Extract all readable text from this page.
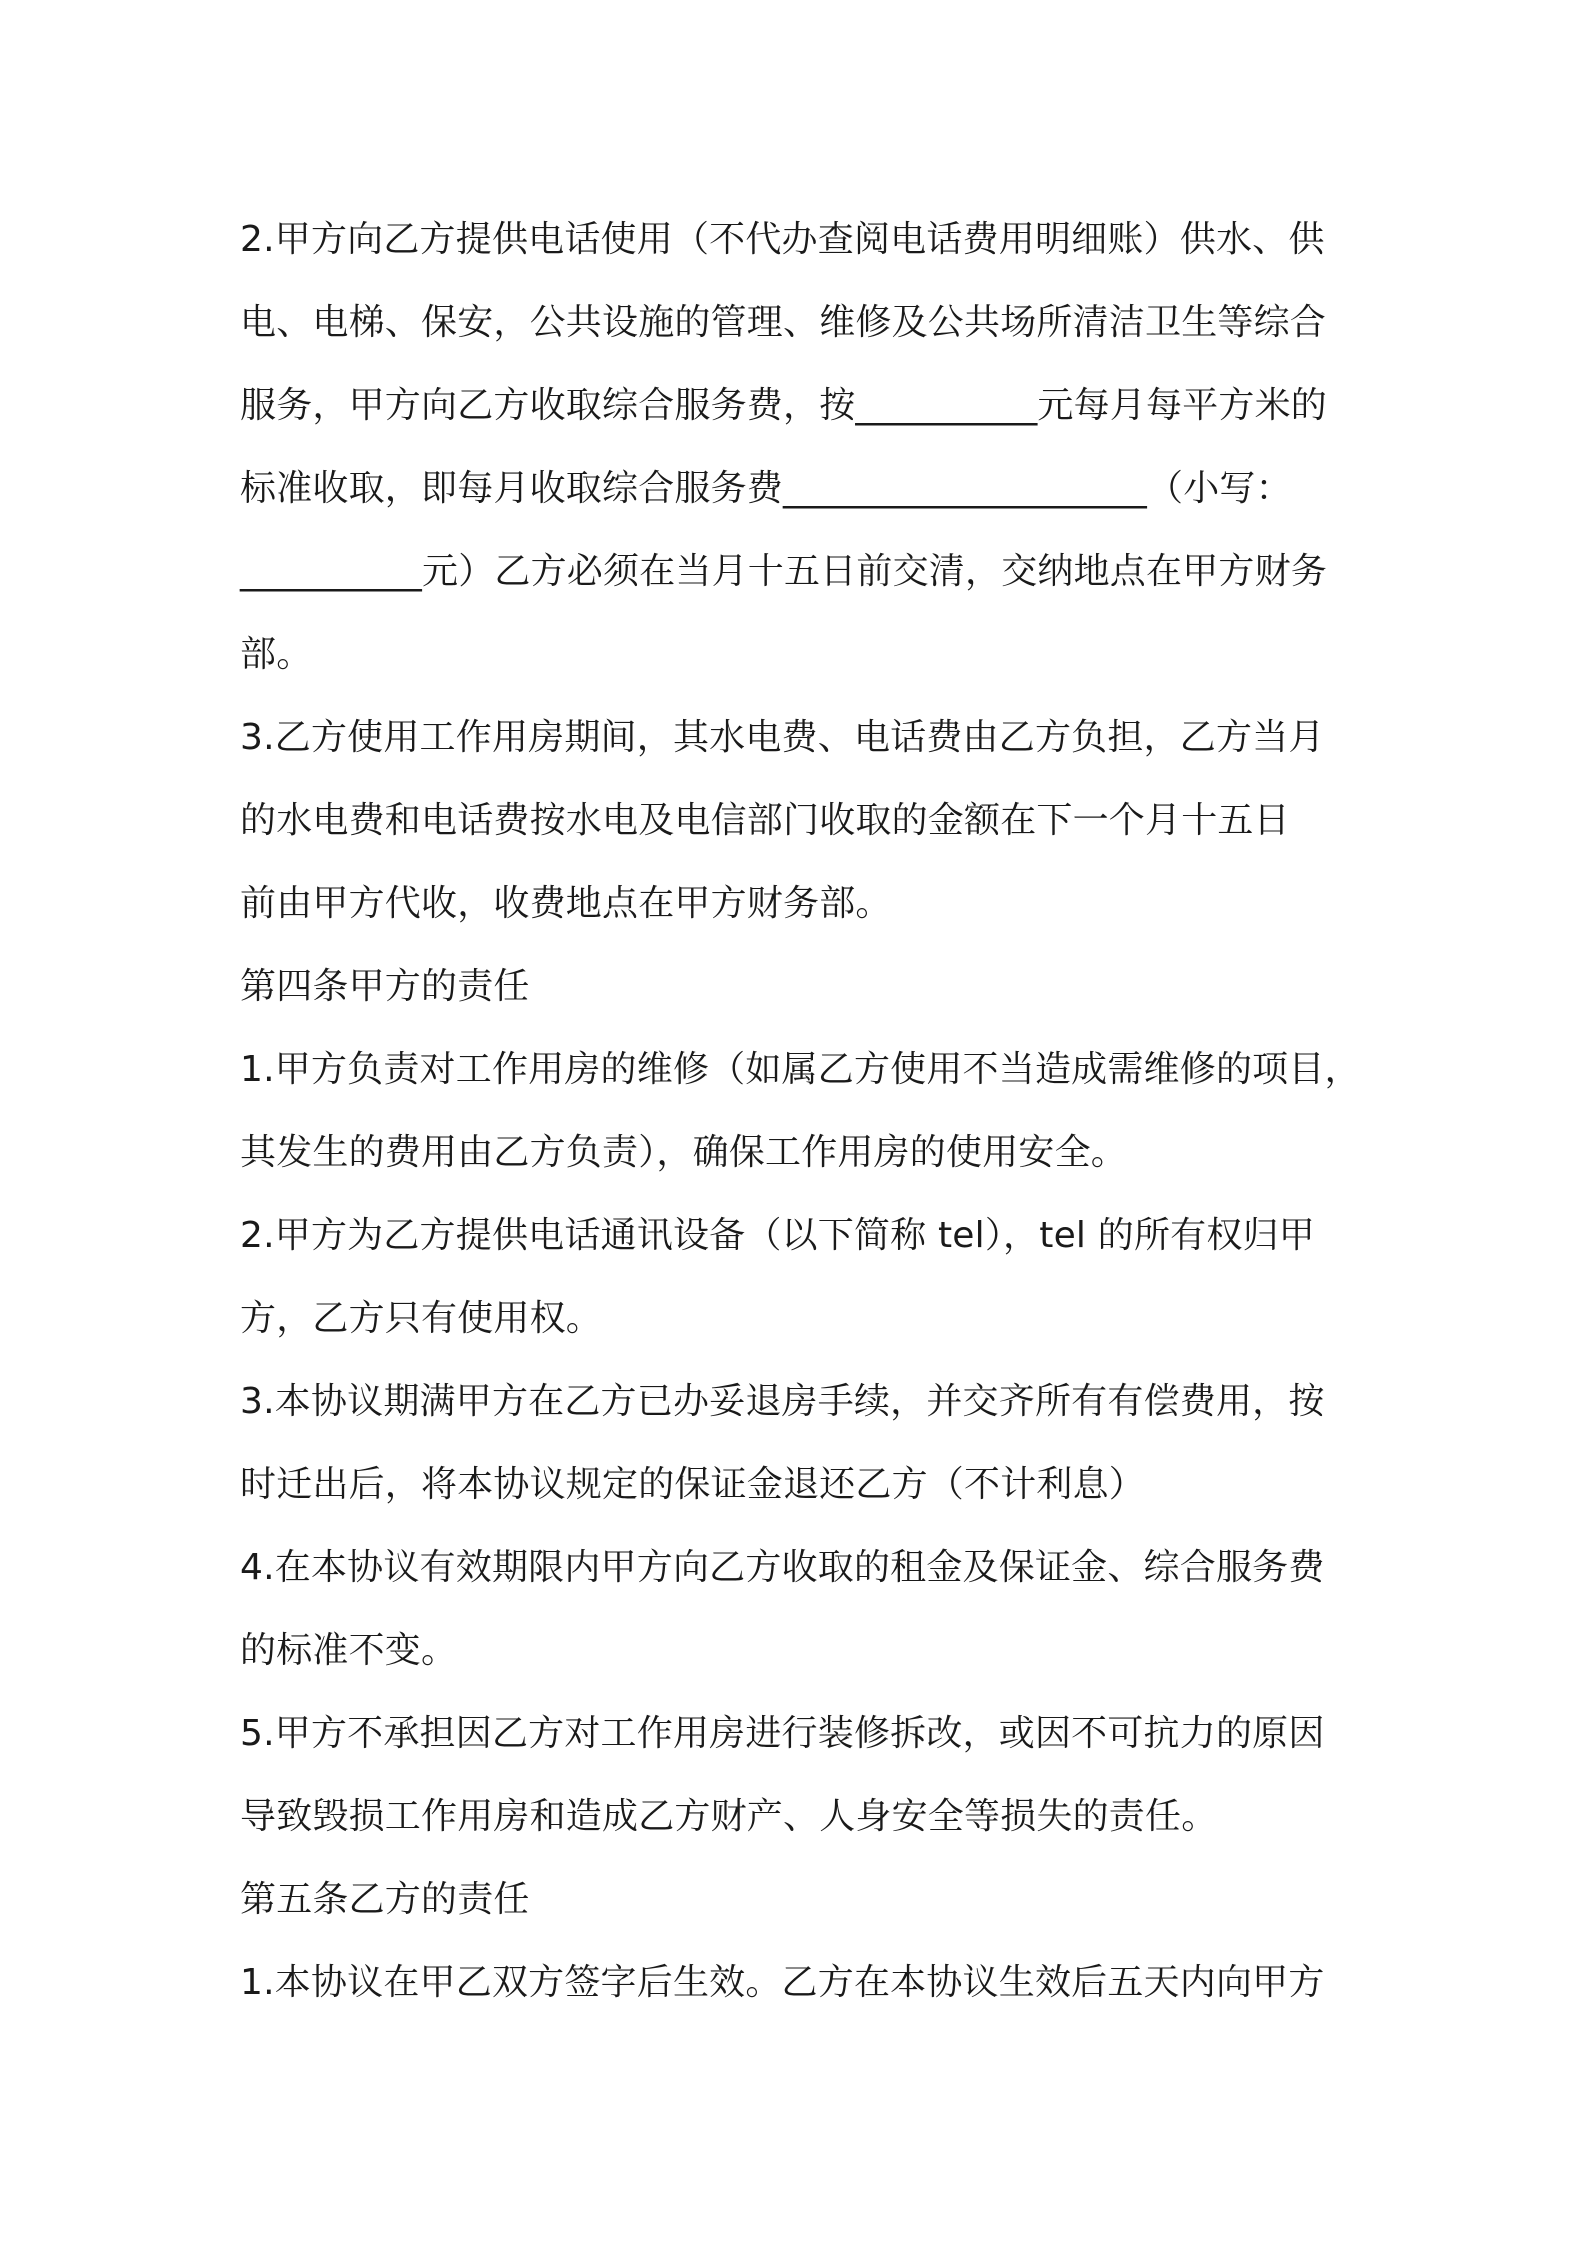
2.甲方向乙方提供电话使用（不代办查阅电话费用明细账）供水、供
电、电梯、保安，公共设施的管理、维修及公共场所清洁卫生等综合
服务，甲方向乙方收取综合服务费，按__________元每月每平方米的
标准收取，即每月收取综合服务费____________________（小写：
__________元）乙方必须在当月十五日前交清，交纳地点在甲方财务
部。
3.乙方使用工作用房期间，其水电费、电话费由乙方负担，乙方当月
的水电费和电话费按水电及电信部门收取的金额在下一个月十五日
前由甲方代收，收费地点在甲方财务部。
第四条甲方的责任
1.甲方负责对工作用房的维修（如属乙方使用不当造成需维修的项目，
其发生的费用由乙方负责），确保工作用房的使用安全。
2.甲方为乙方提供电话通讯设备（以下简称 tel），tel 的所有权归甲
方，乙方只有使用权。
3.本协议期满甲方在乙方已办妥退房手续，并交齐所有有偿费用，按
时迁出后，将本协议规定的保证金退还乙方（不计利息）
4.在本协议有效期限内甲方向乙方收取的租金及保证金、综合服务费
的标准不变。
5.甲方不承担因乙方对工作用房进行装修拆改，或因不可抗力的原因
导致毁损工作用房和造成乙方财产、人身安全等损失的责任。
第五条乙方的责任
1.本协议在甲乙双方签字后生效。乙方在本协议生效后五天内向甲方
